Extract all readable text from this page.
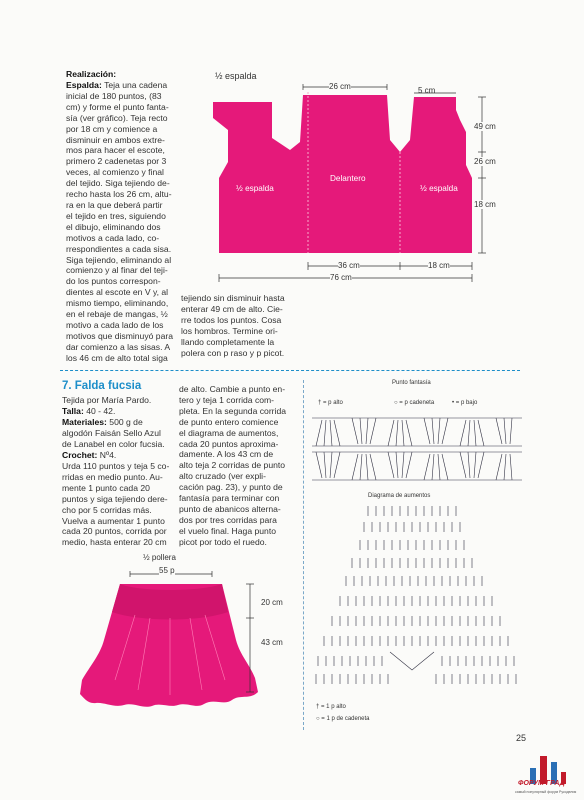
Realización:
Espalda: Teja una cadena
inicial de 180 puntos, (83
cm) y forme el punto fanta-
sía (ver gráfico). Teja recto
por 18 cm y comience a
disminuir en ambos extre-
mos para hacer el escote,
primero 2 cadenetas por 3
veces, al comienzo y final
del tejido. Siga tejiendo de-
recho hasta los 26 cm, altu-
ra en la que deberá partir
el tejido en tres, siguiendo
el dibujo, eliminando dos
motivos a cada lado, co-
rrespondientes a cada sisa.
Siga tejiendo, eliminando al
comienzo y al finar del teji-
do los puntos correspon-
dientes al escote en V y, al
mismo tiempo, eliminando,
en el rebaje de mangas, ½
motivo a cada lado de los
motivos que disminuyó para
dar comienzo a las sisas. A
los 46 cm de alto total siga
tejiendo sin disminuir hasta
enterar 49 cm de alto. Cie-
rre todos los puntos. Cosa
los hombros. Termine ori-
llando completamente la
polera con p raso y p picot.
½ espalda
26 cm	5 cm
49 cm
26 cm
18 cm
36 cm	18 cm
76 cm
Delantero
½ espalda	½ espalda
7. Falda fucsia
Tejida por María Pardo.
Talla: 40 - 42.
Materiales: 500 g de
algodón Faisán Sello Azul
de Lanabel en color fucsia.
Crochet: Nº4.
Urda 110 puntos y teja 5 co-
rridas en medio punto. Au-
mente 1 punto cada 20
puntos y siga tejiendo dere-
cho por 5 corridas más.
Vuelva a aumentar 1 punto
cada 20 puntos, corrida por
medio, hasta enterar 20 cm
de alto. Cambie a punto en-
tero y teja 1 corrida com-
pleta. En la segunda corrida
de punto entero comience
el diagrama de aumentos,
cada 20 puntos aproxima-
damente. A los 43 cm de
alto teja 2 corridas de punto
alto cruzado (ver expli-
cación pag. 23), y punto de
fantasía para terminar con
punto de abanicos alterna-
dos por tres corridas para
el vuelo final. Haga punto
picot por todo el ruedo.
½ pollera
55 p
20 cm
43 cm
Punto fantasía
† = p alto	○ = p cadeneta	• = p bajo
Diagrama de aumentos
† = 1 p alto
○ = 1 p de cadeneta
25
ФОРУМ ГРАД
самый популярный форум Рукоделия
